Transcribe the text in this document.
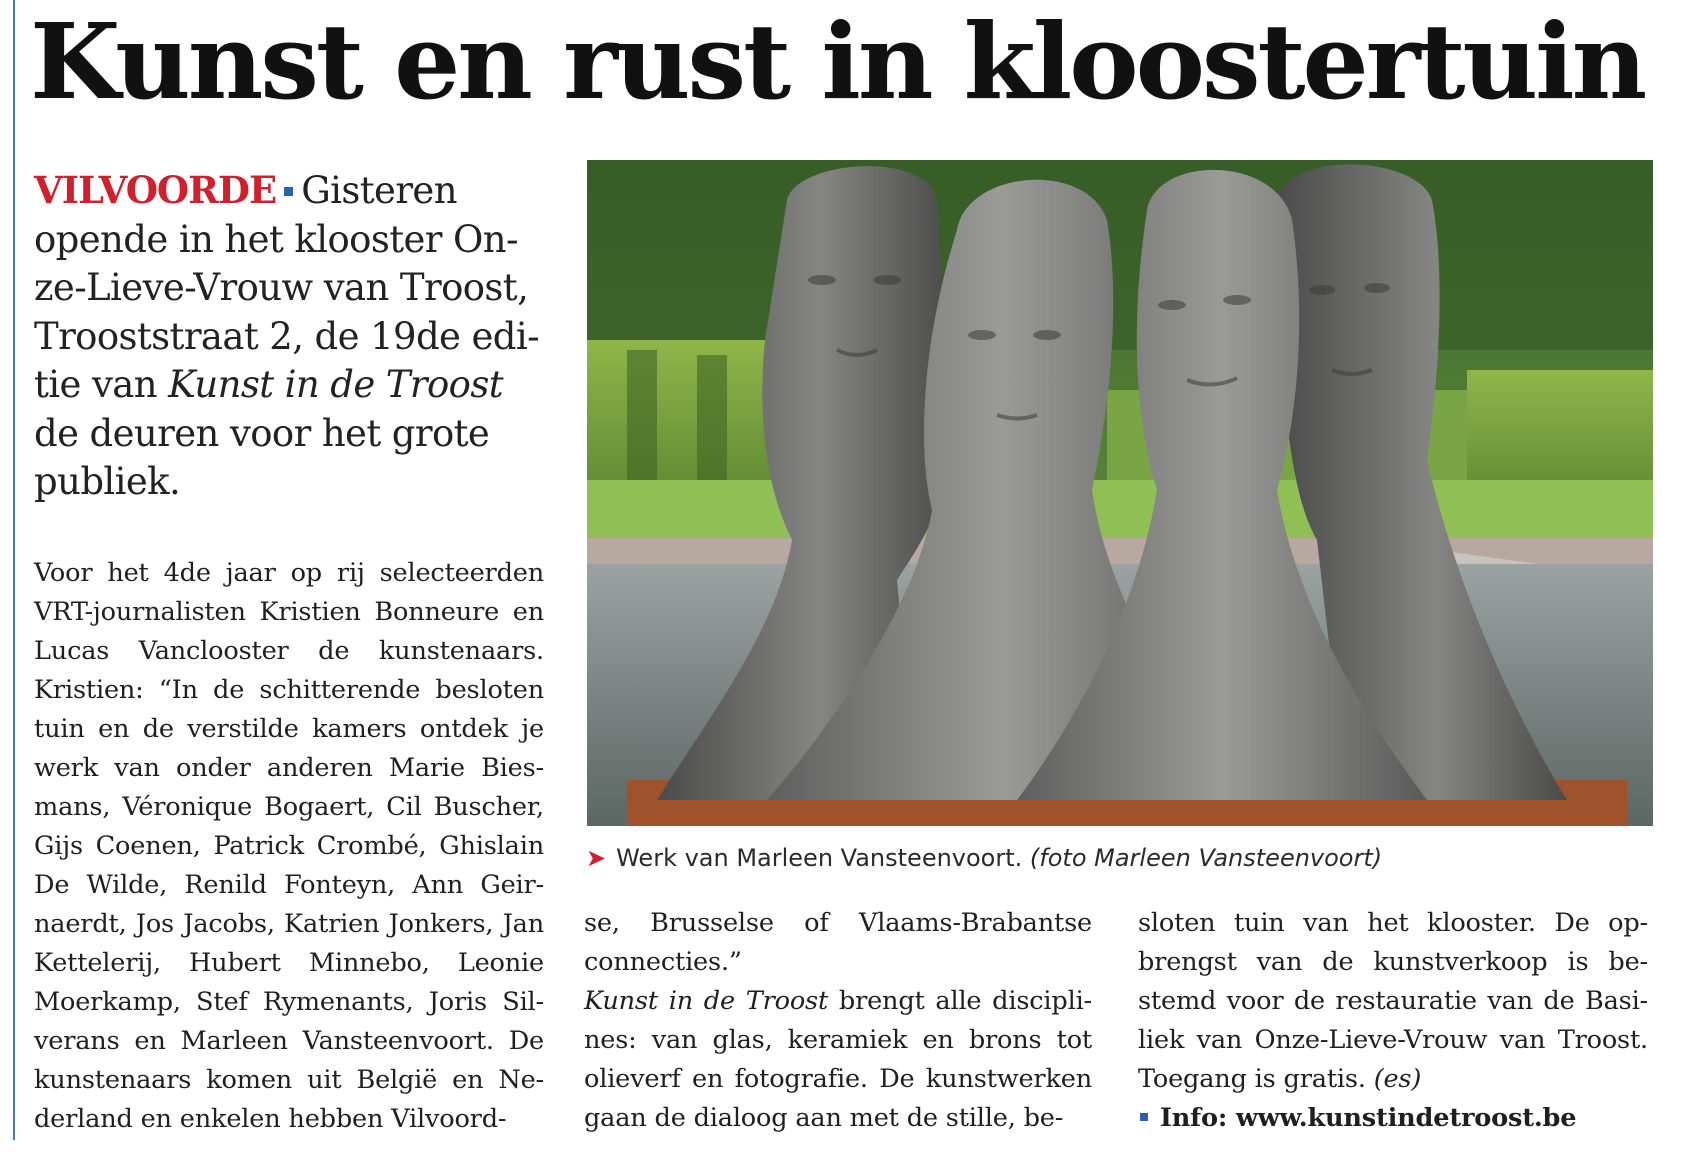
Kunst en rust in kloostertuin
VILVOORDE Gisteren opende in het klooster On-ze-Lieve-Vrouw van Troost, Trooststraat 2, de 19de edi-tie van Kunst in de Troost de deuren voor het grote publiek.

Voor het 4de jaar op rij selecteerden VRT-journalisten Kristien Bonneure en Lucas Vanclooster de kunstenaars. Kristien: “In de schitterende besloten tuin en de verstilde kamers ontdek je werk van onder anderen Marie Bies-mans, Véronique Bogaert, Cil Buscher, Gijs Coenen, Patrick Crombé, Ghislain De Wilde, Renild Fonteyn, Ann Geir-naerdt, Jos Jacobs, Katrien Jonkers, Jan Kettelerij, Hubert Minnebo, Leonie Moerkamp, Stef Rymenants, Joris Sil-verans en Marleen Vansteenvoort. De kunstenaars komen uit België en Ne-derland en enkelen hebben Vilvoord-

➤ Werk van Marleen Vansteenvoort. (foto Marleen Vansteenvoort)

se, Brusselse of Vlaams-Brabantse connecties.”
Kunst in de Troost brengt alle discipli-nes: van glas, keramiek en brons tot olieverf en fotografie. De kunstwerken gaan de dialoog aan met de stille, be-

sloten tuin van het klooster. De op-brengst van de kunstverkoop is be-stemd voor de restauratie van de Basi-liek van Onze-Lieve-Vrouw van Troost. Toegang is gratis. (es)

Info: www.kunstindetroost.be
